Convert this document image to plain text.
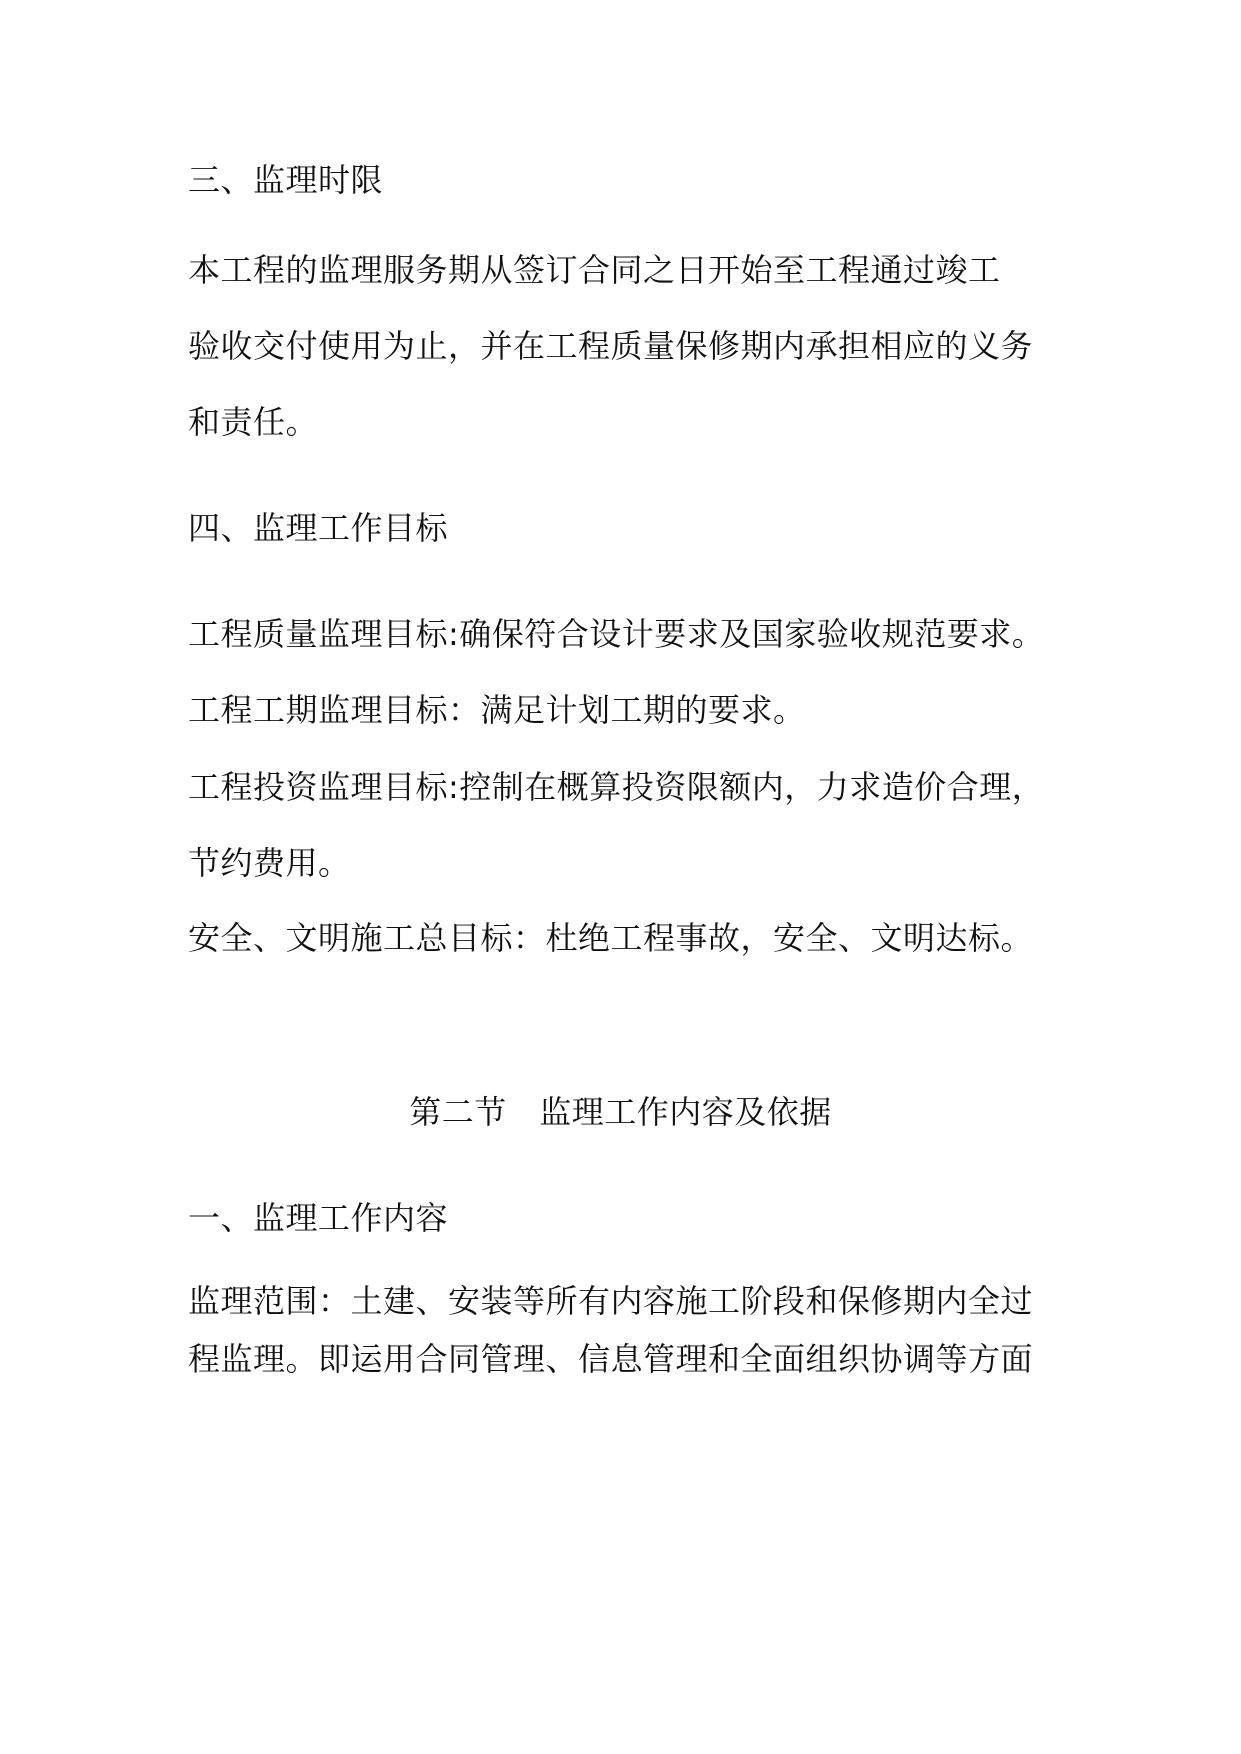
三、监理时限
本工程的监理服务期从签订合同之日开始至工程通过竣工
验收交付使用为止，并在工程质量保修期内承担相应的义务
和责任。
四、监理工作目标
工程质量监理目标:确保符合设计要求及国家验收规范要求。
工程工期监理目标：满足计划工期的要求。
工程投资监理目标:控制在概算投资限额内，力求造价合理，
节约费用。
安全、文明施工总目标：杜绝工程事故，安全、文明达标。
第二节　监理工作内容及依据
一、监理工作内容
监理范围：土建、安装等所有内容施工阶段和保修期内全过
程监理。即运用合同管理、信息管理和全面组织协调等方面
